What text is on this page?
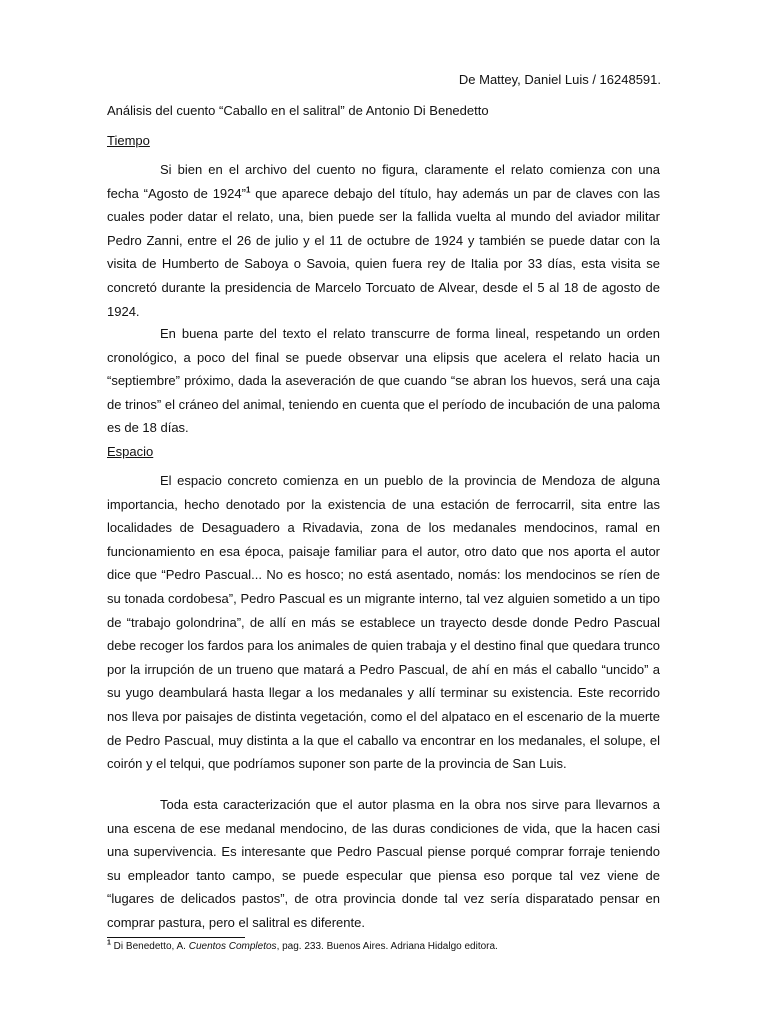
De Mattey, Daniel Luis / 16248591.
Análisis del cuento “Caballo en el salitral” de Antonio Di Benedetto
Tiempo

Si bien en el archivo del cuento no figura, claramente el relato comienza con una fecha “Agosto de 1924”$^1$ que aparece debajo del título, hay además un par de claves con las cuales poder datar el relato, una, bien puede ser la fallida vuelta al mundo del aviador militar Pedro Zanni, entre el 26 de julio y el 11 de octubre de 1924 y también se puede datar con la visita de Humberto de Saboya o Savoia, quien fuera rey de Italia por 33 días, esta visita se concretó durante la presidencia de Marcelo Torcuato de Alvear, desde el 5 al 18 de agosto de 1924.

En buena parte del texto el relato transcurre de forma lineal, respetando un orden cronológico, a poco del final se puede observar una elipsis que acelera el relato hacia un “septiembre” próximo, dada la aseveración de que cuando “se abran los huevos, será una caja de trinos” el cráneo del animal, teniendo en cuenta que el período de incubación de una paloma es de 18 días.

Espacio

El espacio concreto comienza en un pueblo de la provincia de Mendoza de alguna importancia, hecho denotado por la existencia de una estación de ferrocarril, sita entre las localidades de Desaguadero a Rivadavia, zona de los medanales mendocinos, ramal en funcionamiento en esa época, paisaje familiar para el autor, otro dato que nos aporta el autor dice que “Pedro Pascual... No es hosco; no está asentado, nomás: los mendocinos se ríen de su tonada cordobesa”, Pedro Pascual es un migrante interno, tal vez alguien sometido a un tipo de “trabajo golondrina”, de allí en más se establece un trayecto desde donde Pedro Pascual debe recoger los fardos para los animales de quien trabaja y el destino final que quedara trunco por la irrupción de un trueno que matará a Pedro Pascual, de ahí en más el caballo “uncido” a su yugo deambulará hasta llegar a los medanales y allí terminar su existencia. Este recorrido nos lleva por paisajes de distinta vegetación, como el del alpataco en el escenario de la muerte de Pedro Pascual, muy distinta a la que el caballo va encontrar en los medanales, el solupe, el coirón y el telqui, que podríamos suponer son parte de la provincia de San Luis.

Toda esta caracterización que el autor plasma en la obra nos sirve para llevarnos a una escena de ese medanal mendocino, de las duras condiciones de vida, que la hacen casi una supervivencia. Es interesante que Pedro Pascual piense porqué comprar forraje teniendo su empleador tanto campo, se puede especular que piensa eso porque tal vez viene de “lugares de delicados pastos”, de otra provincia donde tal vez sería disparatado pensar en comprar pastura, pero el salitral es diferente.

$^1$ Di Benedetto, A. Cuentos Completos, pag. 233. Buenos Aires. Adriana Hidalgo editora.
